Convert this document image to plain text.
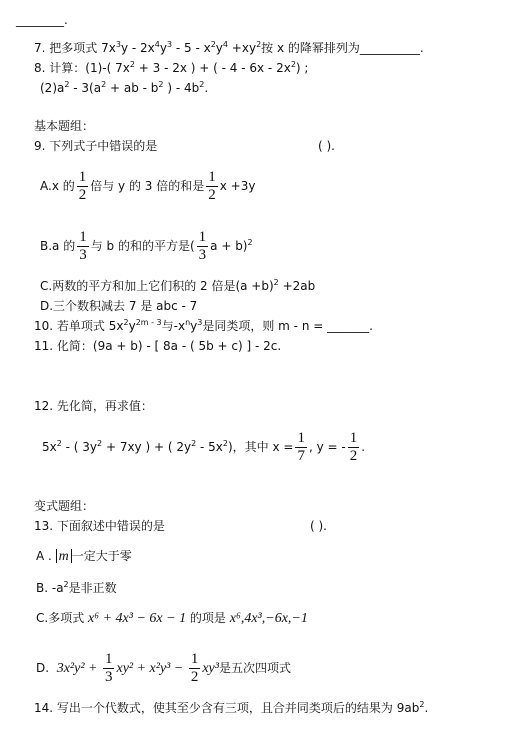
________.
7. 把多项式 $7x^3y - 2x^4y^3 - 5 - x^2y^4 +xy^2$按 x 的降幂排列为__________.
8. 计算：(1)-( $7x^2 + 3 - 2x$ ) + ( - $4 - 6x - 2x^2$) ;
$(2)a^2 - 3(a^2$ + ab - $b^2$ ) - $4b^2$.
基本题组：
9. 下列式子中错误的是	( ).
A.x 的 $\frac{1}{2}$ 倍与 y 的 3 倍的和是 $\frac{1}{2}$ x +3y
B.a 的 $\frac{1}{3}$ 与 b 的和的平方是( $\frac{1}{3}$ a + b)$^2$
C.两数的平方和加上它们积的 2 倍是$(a +b)^2 +2ab$
D.三个数积减去 7 是 abc - 7
10. 若单项式 $5x^2y^{2m - 3}$与$-x^ny^3$是同类项，则 m - n = _______.
11. 化简：(9a + b) - [ 8a - ( 5b + c) ] - 2c.
12. 先化简，再求值：
$5x^2$ - ( $3y^2 + 7xy$ ) + ( $2y^2 - 5x^2$)，其中 $x = \frac{1}{7}$ , y = - $\frac{1}{2}$ .
变式题组：
13. 下面叙述中错误的是	( ).
A . m 一定大于零
B. $-a^2$是非正数
C.多项式 x⁶ + 4x³ − 6x − 1 的项是 x⁶,4x³,−6x,−1
D. $3x^2y^2 + \frac{1}{3} xy^2 + x^2y^3 - \frac{1}{2} xy^3$是五次四项式
14. 写出一个代数式，使其至少含有三项，且合并同类项后的结果为 $9ab^2$.
